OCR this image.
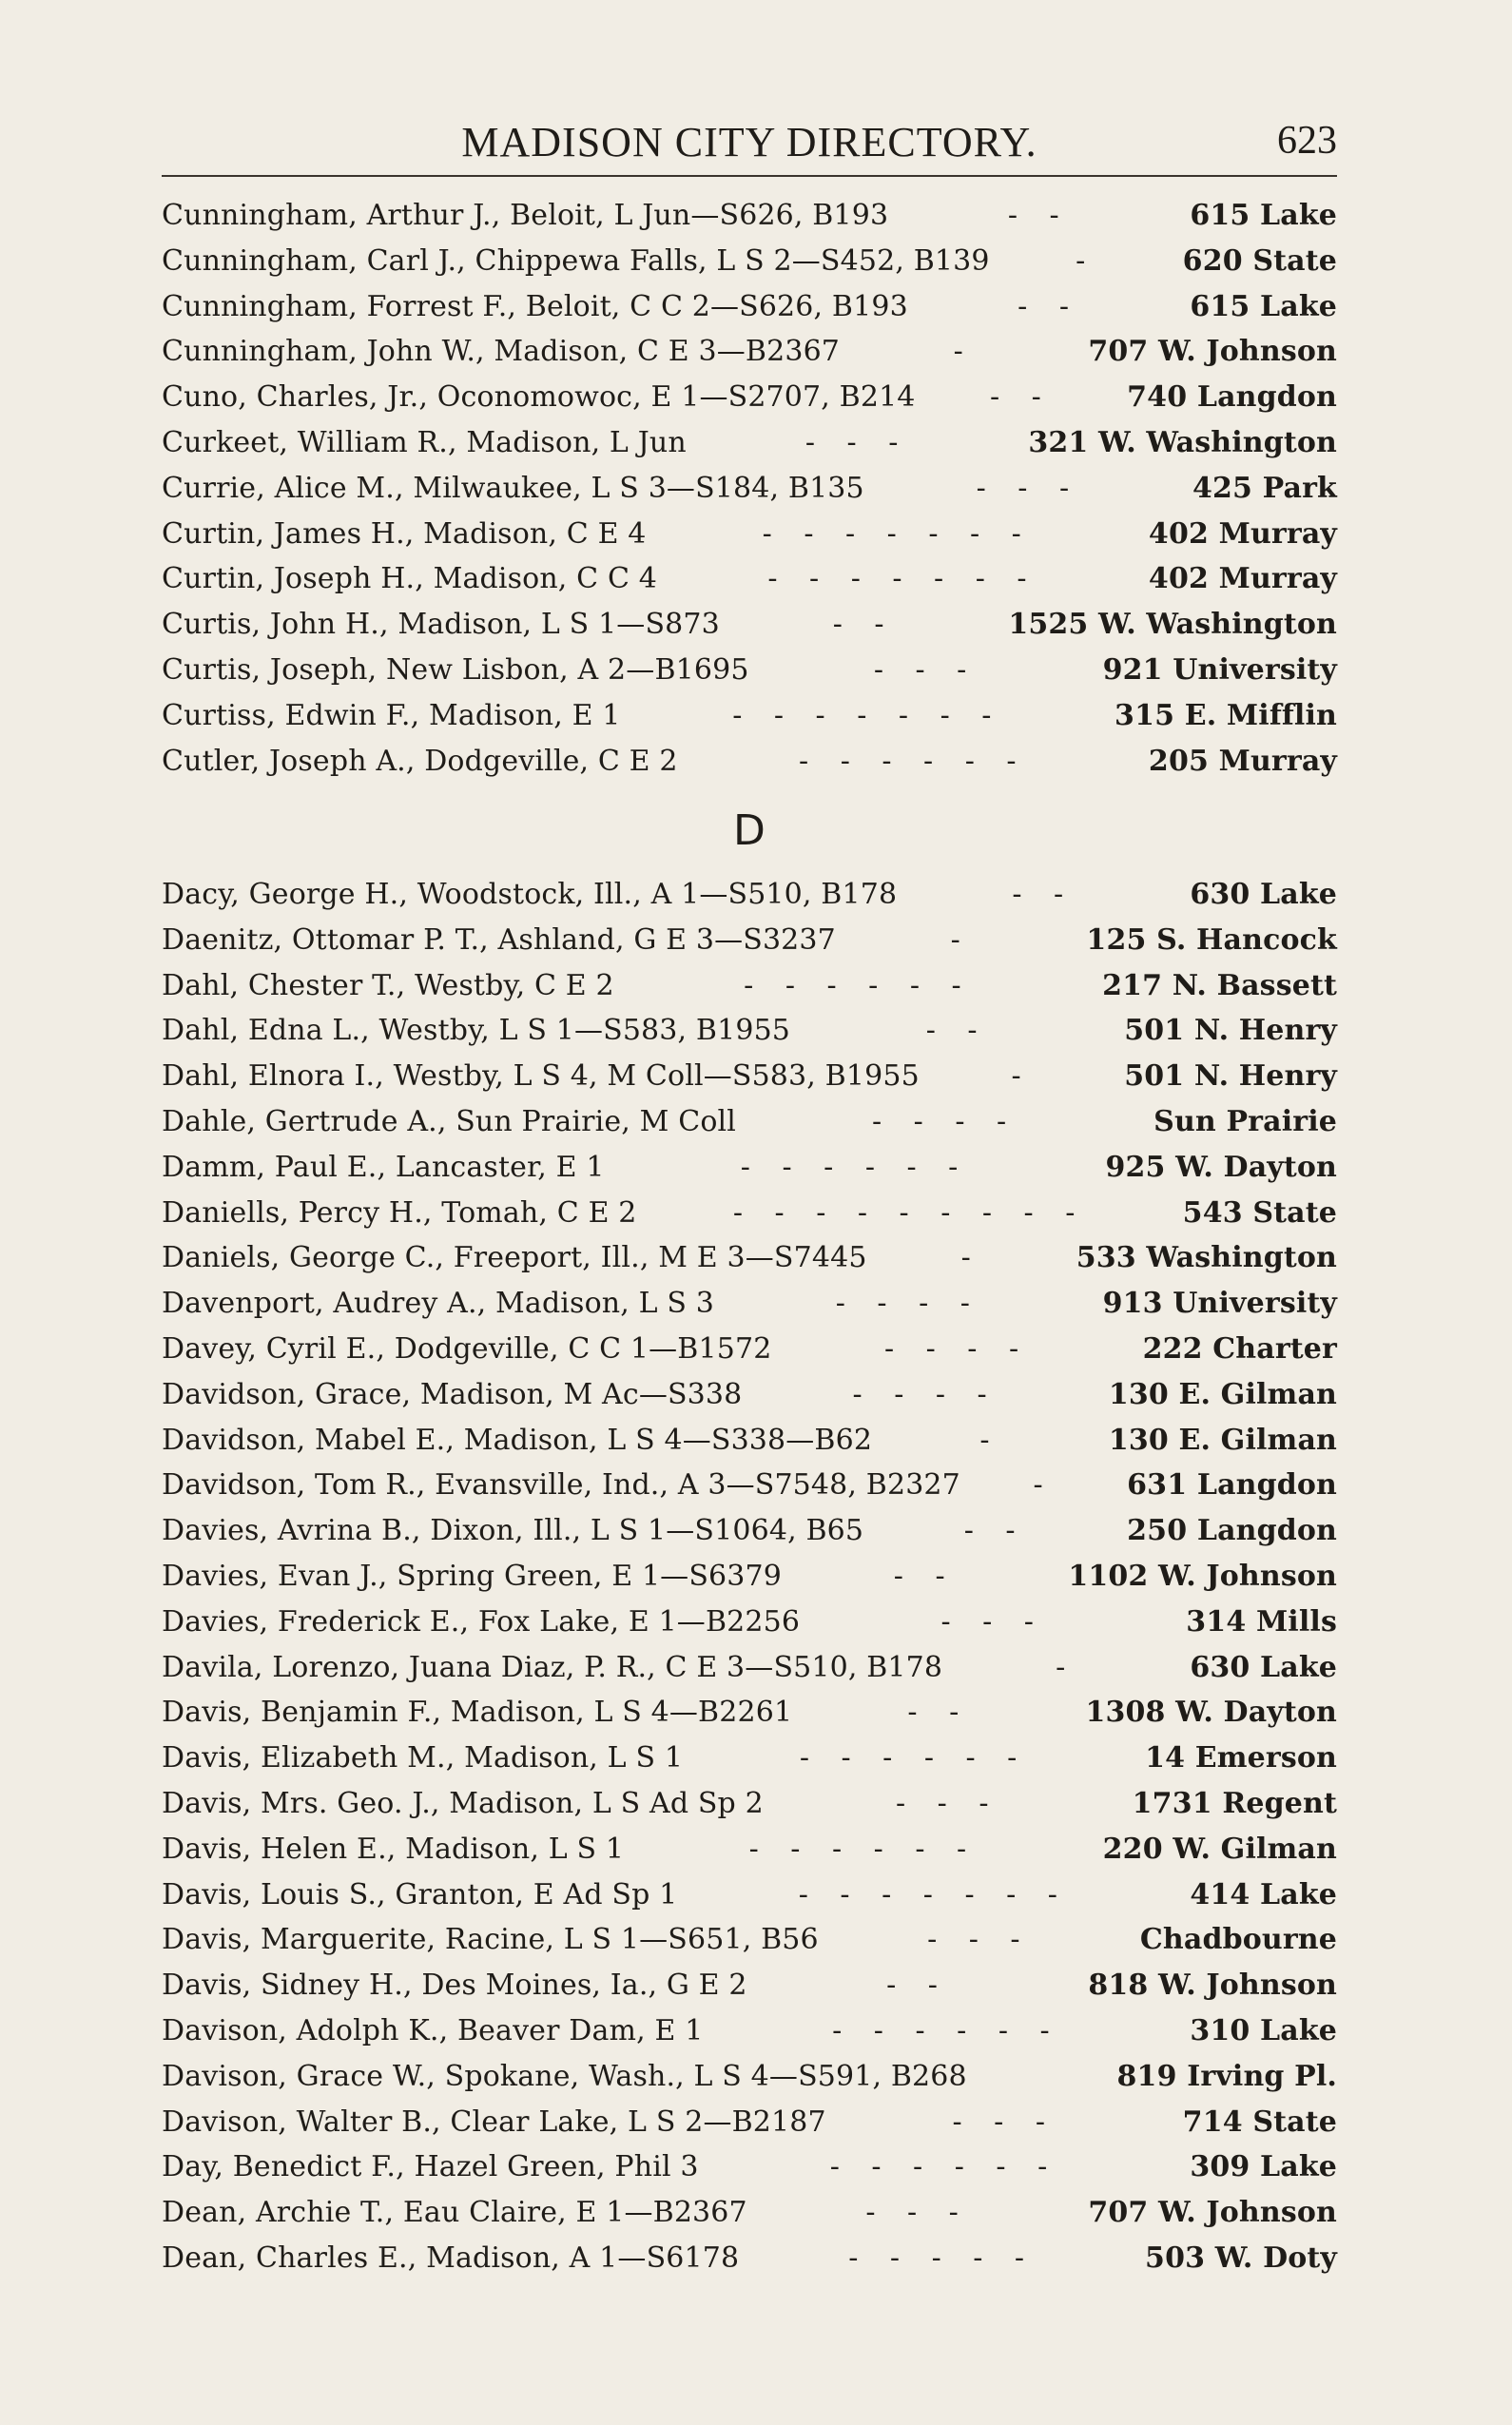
MADISON CITY DIRECTORY.	623
Cunningham, Arthur J., Beloit, L Jun—S626, B193	- -	615 Lake
Cunningham, Carl J., Chippewa Falls, L S 2—S452, B139	-	620 State
Cunningham, Forrest F., Beloit, C C 2—S626, B193	- -	615 Lake
Cunningham, John W., Madison, C E 3—B2367	-	707 W. Johnson
Cuno, Charles, Jr., Oconomowoc, E 1—S2707, B214	- -	740 Langdon
Curkeet, William R., Madison, L Jun	- - -	321 W. Washington
Currie, Alice M., Milwaukee, L S 3—S184, B135	- - -	425 Park
Curtin, James H., Madison, C E 4	- - - - - - -	402 Murray
Curtin, Joseph H., Madison, C C 4	- - - - - - -	402 Murray
Curtis, John H., Madison, L S 1—S873	- -	1525 W. Washington
Curtis, Joseph, New Lisbon, A 2—B1695	- - -	921 University
Curtiss, Edwin F., Madison, E 1	- - - - - - -	315 E. Mifflin
Cutler, Joseph A., Dodgeville, C E 2	- - - - - -	205 Murray
D
Dacy, George H., Woodstock, Ill., A 1—S510, B178	- -	630 Lake
Daenitz, Ottomar P. T., Ashland, G E 3—S3237	-	125 S. Hancock
Dahl, Chester T., Westby, C E 2	- - - - - -	217 N. Bassett
Dahl, Edna L., Westby, L S 1—S583, B1955	- -	501 N. Henry
Dahl, Elnora I., Westby, L S 4, M Coll—S583, B1955	-	501 N. Henry
Dahle, Gertrude A., Sun Prairie, M Coll	- - - -	Sun Prairie
Damm, Paul E., Lancaster, E 1	- - - - - -	925 W. Dayton
Daniells, Percy H., Tomah, C E 2	- - - - - - - - -	543 State
Daniels, George C., Freeport, Ill., M E 3—S7445	-	533 Washington
Davenport, Audrey A., Madison, L S 3	- - - -	913 University
Davey, Cyril E., Dodgeville, C C 1—B1572	- - - -	222 Charter
Davidson, Grace, Madison, M Ac—S338	- - - -	130 E. Gilman
Davidson, Mabel E., Madison, L S 4—S338—B62	-	130 E. Gilman
Davidson, Tom R., Evansville, Ind., A 3—S7548, B2327	-	631 Langdon
Davies, Avrina B., Dixon, Ill., L S 1—S1064, B65	- -	250 Langdon
Davies, Evan J., Spring Green, E 1—S6379	- -	1102 W. Johnson
Davies, Frederick E., Fox Lake, E 1—B2256	- - -	314 Mills
Davila, Lorenzo, Juana Diaz, P. R., C E 3—S510, B178	-	630 Lake
Davis, Benjamin F., Madison, L S 4—B2261	- -	1308 W. Dayton
Davis, Elizabeth M., Madison, L S 1	- - - - - -	14 Emerson
Davis, Mrs. Geo. J., Madison, L S Ad Sp 2	- - -	1731 Regent
Davis, Helen E., Madison, L S 1	- - - - - -	220 W. Gilman
Davis, Louis S., Granton, E Ad Sp 1	- - - - - - -	414 Lake
Davis, Marguerite, Racine, L S 1—S651, B56	- - -	Chadbourne
Davis, Sidney H., Des Moines, Ia., G E 2	- -	818 W. Johnson
Davison, Adolph K., Beaver Dam, E 1	- - - - - -	310 Lake
Davison, Grace W., Spokane, Wash., L S 4—S591, B268	819 Irving Pl.
Davison, Walter B., Clear Lake, L S 2—B2187	- - -	714 State
Day, Benedict F., Hazel Green, Phil 3	- - - - - -	309 Lake
Dean, Archie T., Eau Claire, E 1—B2367	- - -	707 W. Johnson
Dean, Charles E., Madison, A 1—S6178	- - - - -	503 W. Doty
